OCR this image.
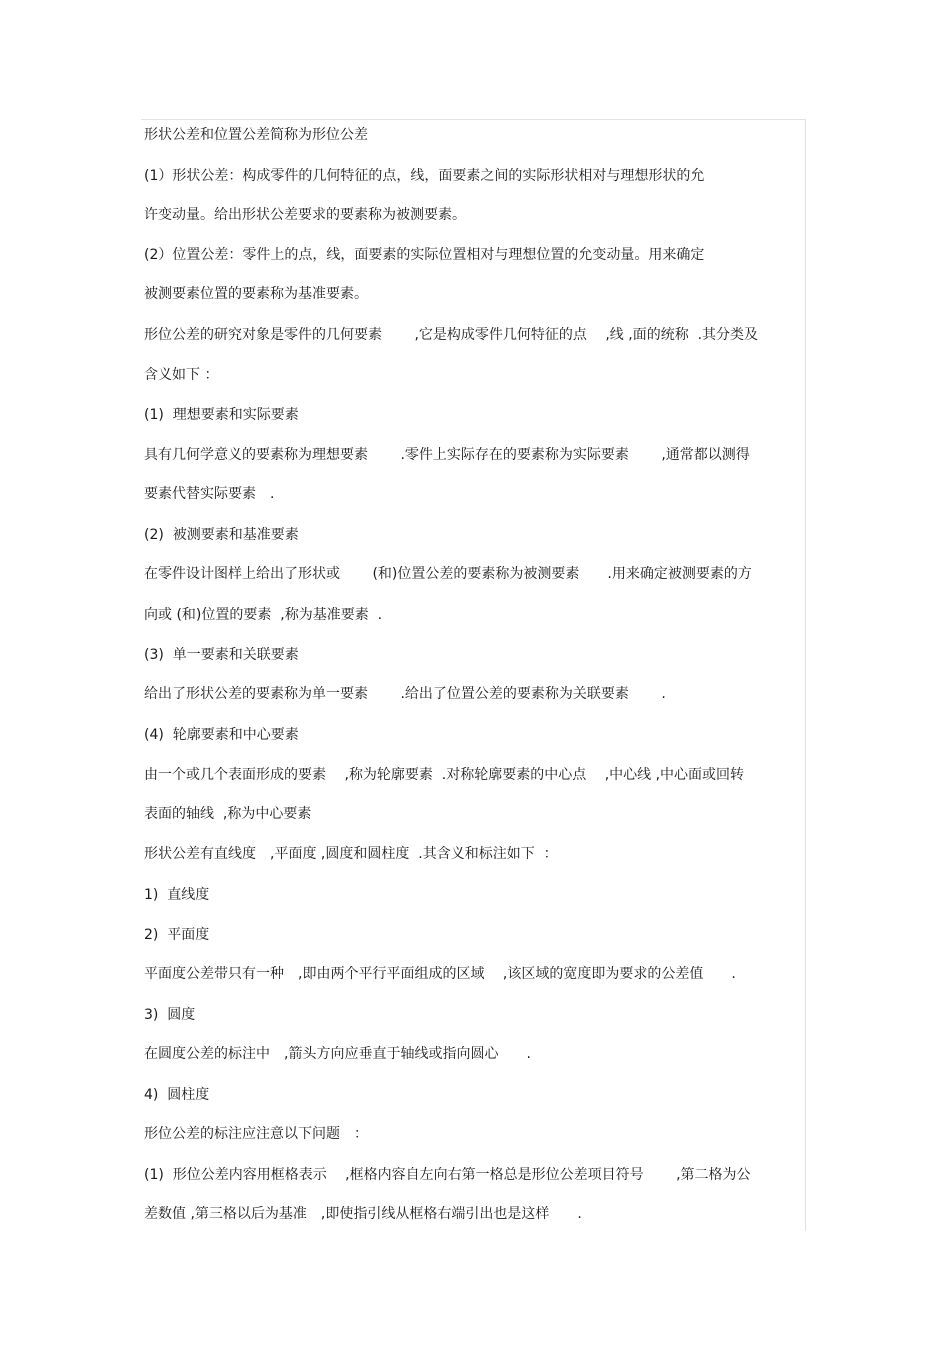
形状公差和位置公差简称为形位公差
(1）形状公差：构成零件的几何特征的点，线，面要素之间的实际形状相对与理想形状的允
许变动量。给出形状公差要求的要素称为被测要素。
(2）位置公差：零件上的点，线，面要素的实际位置相对与理想位置的允变动量。用来确定
被测要素位置的要素称为基准要素。
形位公差的研究对象是零件的几何要素　　 ,它是构成零件几何特征的点　 ,线 ,面的统称  .其分类及
含义如下 ：
(1)  理想要素和实际要素
具有几何学意义的要素称为理想要素　　 .零件上实际存在的要素称为实际要素　　 ,通常都以测得
要素代替实际要素　.
(2)  被测要素和基准要素
在零件设计图样上给出了形状或　　 (和)位置公差的要素称为被测要素　　.用来确定被测要素的方
向或 (和)位置的要素  ,称为基准要素  .
(3)  单一要素和关联要素
给出了形状公差的要素称为单一要素　　 .给出了位置公差的要素称为关联要素　　 .
(4)  轮廓要素和中心要素
由一个或几个表面形成的要素　 ,称为轮廓要素  .对称轮廓要素的中心点　 ,中心线 ,中心面或回转
表面的轴线  ,称为中心要素
形状公差有直线度　,平面度 ,圆度和圆柱度  .其含义和标注如下  ：
1)  直线度
2)  平面度
平面度公差带只有一种　,即由两个平行平面组成的区域　 ,该区域的宽度即为要求的公差值　　.
3)  圆度
在圆度公差的标注中　,箭头方向应垂直于轴线或指向圆心　　.
4)  圆柱度
形位公差的标注应注意以下问题　：
(1)  形位公差内容用框格表示　 ,框格内容自左向右第一格总是形位公差项目符号　　 ,第二格为公
差数值 ,第三格以后为基准　,即使指引线从框格右端引出也是这样　　.
